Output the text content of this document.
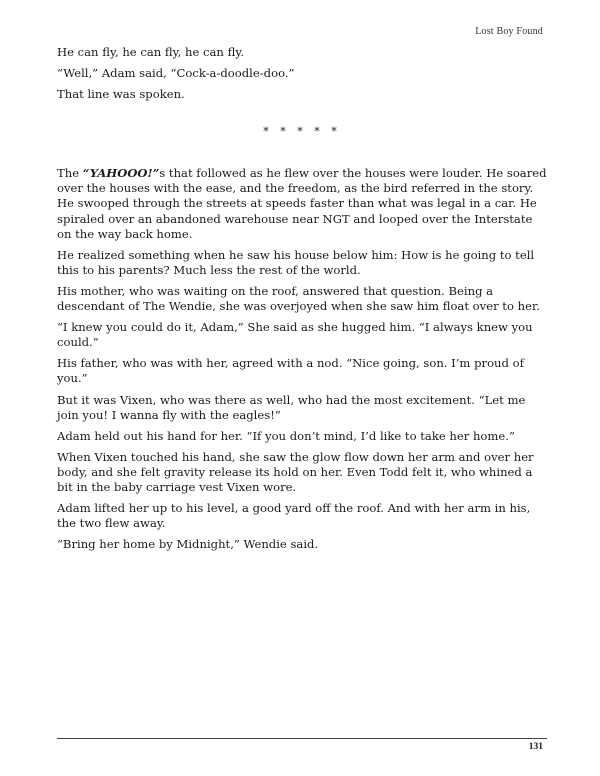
Lost Boy Found

He can fly, he can fly, he can fly.

“Well,” Adam said, “Cock-a-doodle-doo.”

That line was spoken.

* * * * *

The “YAHOOO!”s that followed as he flew over the houses were louder. He soared over the houses with the ease, and the freedom, as the bird referred in the story. He swooped through the streets at speeds faster than what was legal in a car. He spiraled over an abandoned warehouse near NGT and looped over the Interstate on the way back home.

He realized something when he saw his house below him: How is he going to tell this to his parents? Much less the rest of the world.

His mother, who was waiting on the roof, answered that question. Being a descendant of The Wendie, she was overjoyed when she saw him float over to her.

“I knew you could do it, Adam,” She said as she hugged him. “I always knew you could.”

His father, who was with her, agreed with a nod. “Nice going, son. I’m proud of you.”

But it was Vixen, who was there as well, who had the most excitement. “Let me join you! I wanna fly with the eagles!”

Adam held out his hand for her. “If you don’t mind, I’d like to take her home.”

When Vixen touched his hand, she saw the glow flow down her arm and over her body, and she felt gravity release its hold on her. Even Todd felt it, who whined a bit in the baby carriage vest Vixen wore.

Adam lifted her up to his level, a good yard off the roof. And with her arm in his, the two flew away.

“Bring her home by Midnight,” Wendie said.

131
